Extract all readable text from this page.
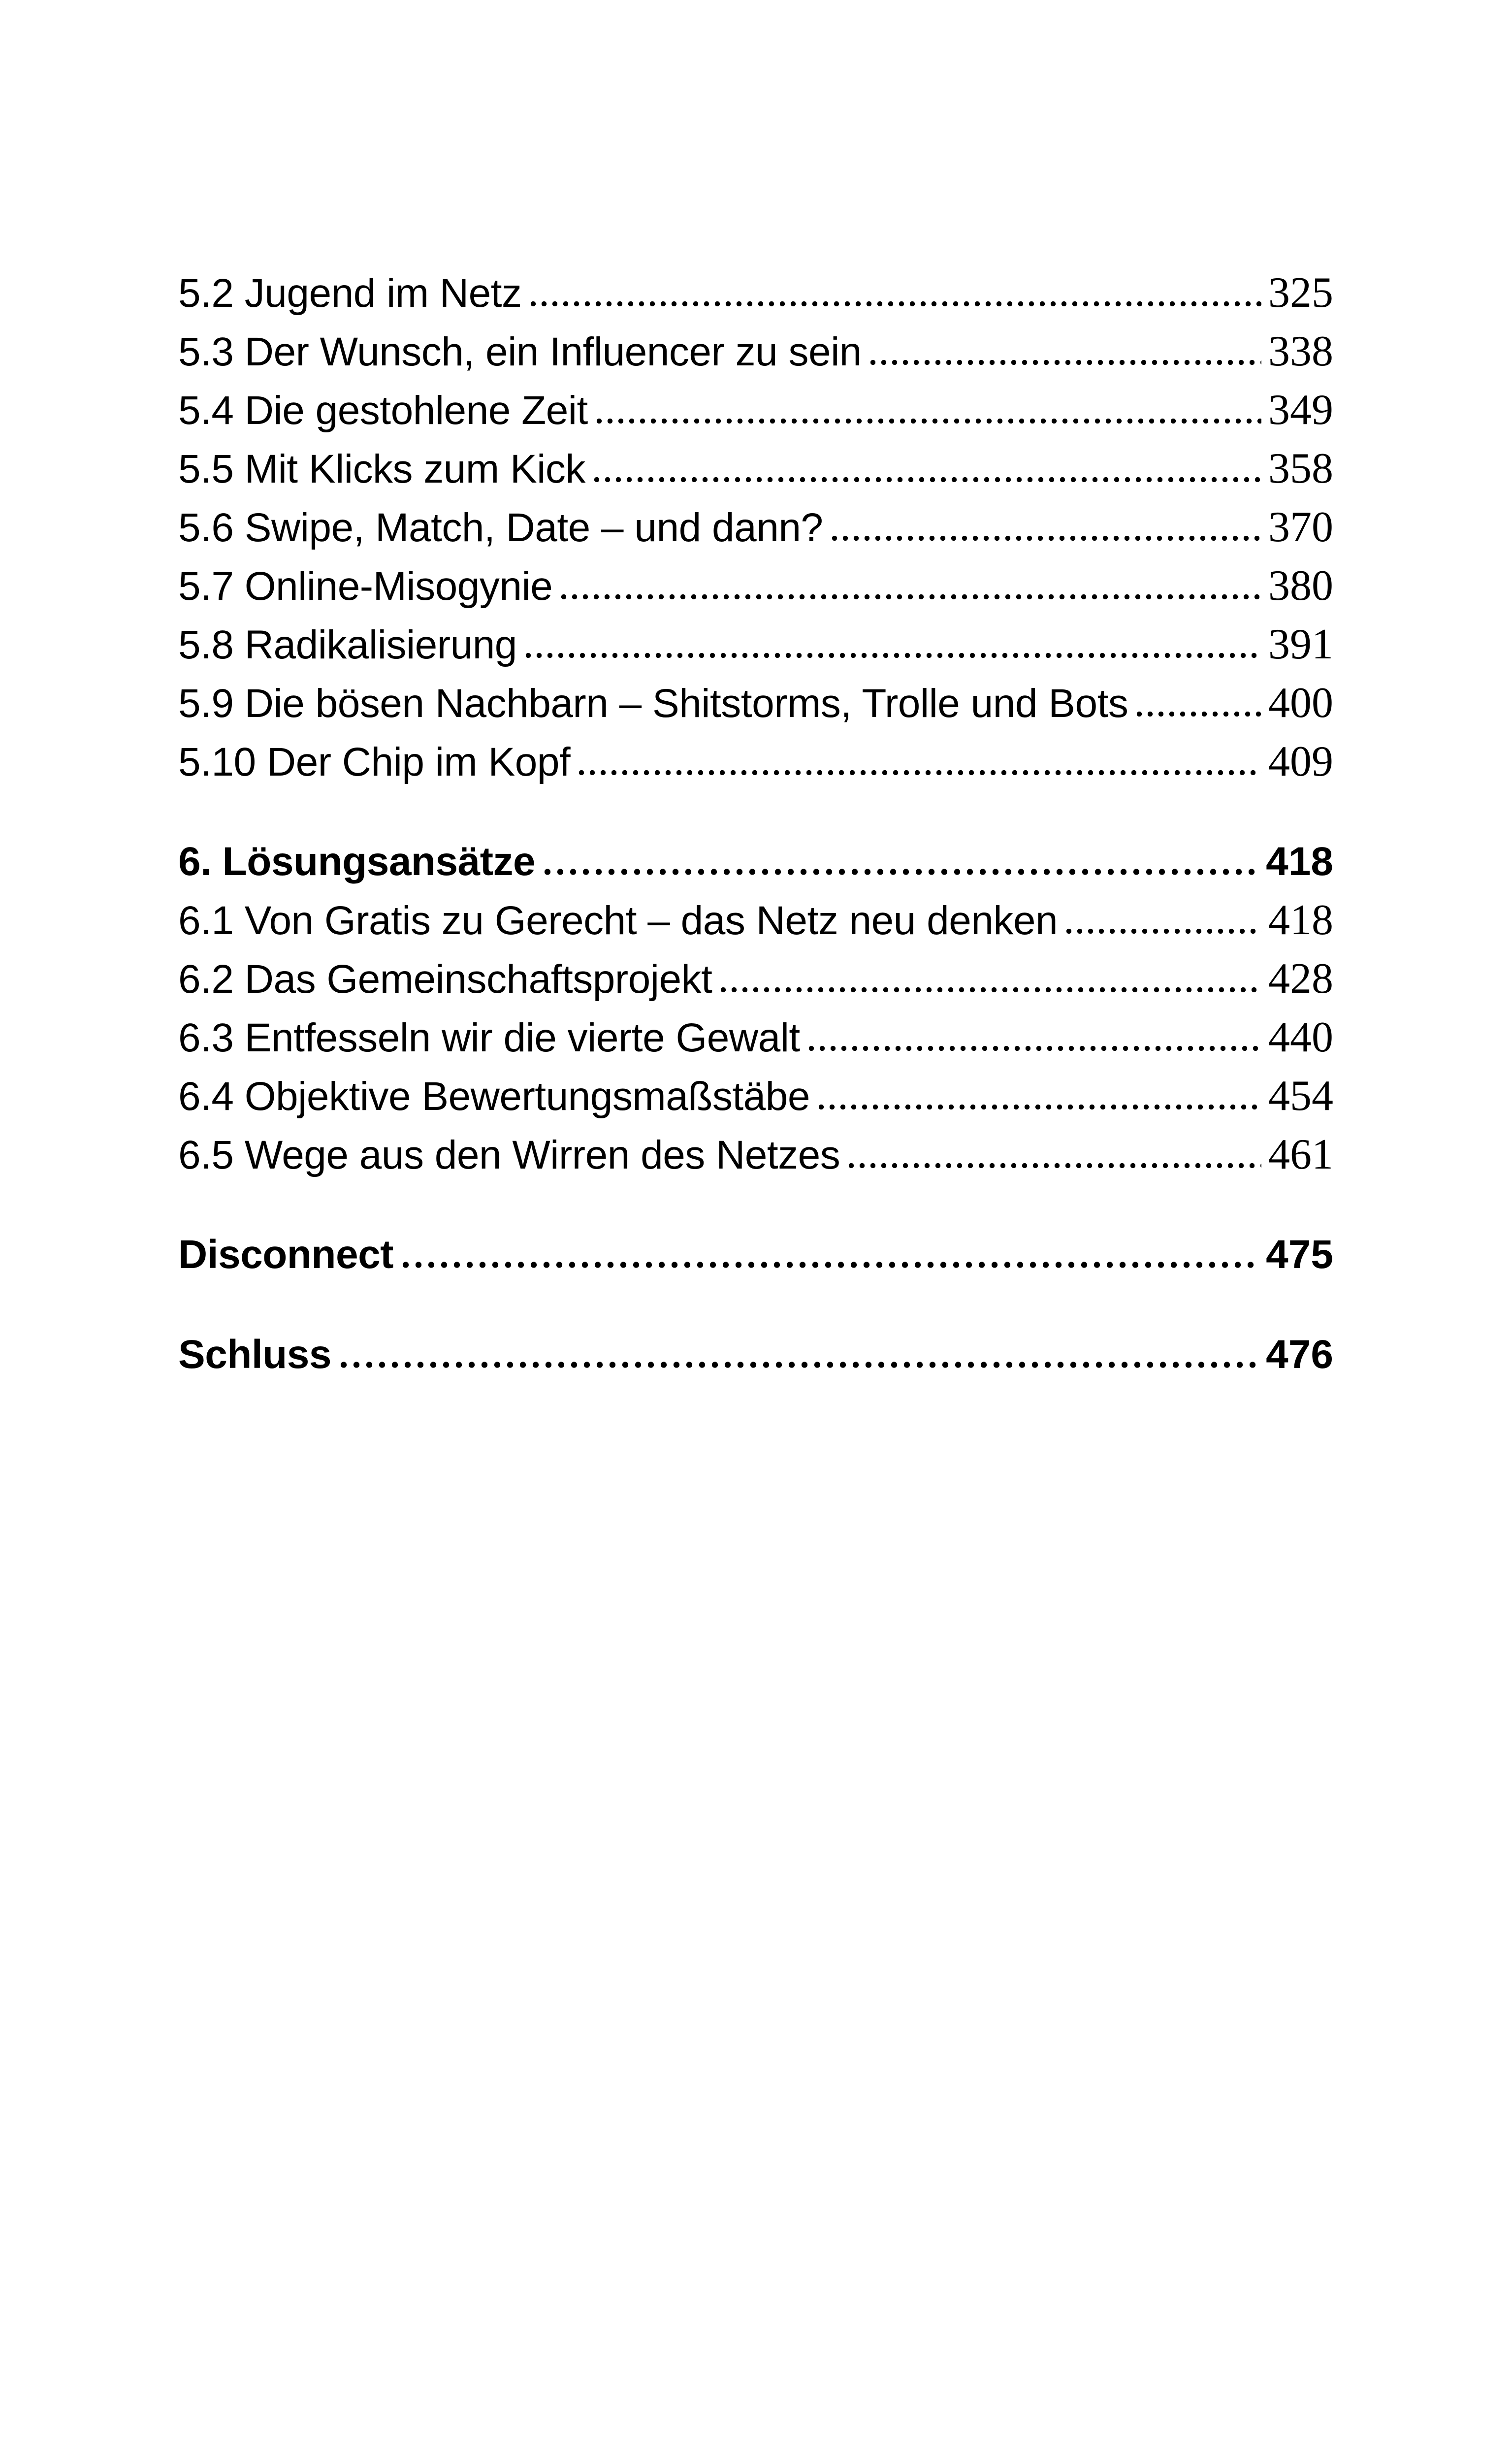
5.2 Jugend im Netz	325
5.3 Der Wunsch, ein Influencer zu sein	338
5.4 Die gestohlene Zeit	349
5.5 Mit Klicks zum Kick	358
5.6 Swipe, Match, Date – und dann?	370
5.7 Online-Misogynie	380
5.8 Radikalisierung	391
5.9 Die bösen Nachbarn – Shitstorms, Trolle und Bots	400
5.10 Der Chip im Kopf	409
6. Lösungsansätze	418
6.1 Von Gratis zu Gerecht – das Netz neu denken	418
6.2 Das Gemeinschaftsprojekt	428
6.3 Entfesseln wir die vierte Gewalt	440
6.4 Objektive Bewertungsmaßstäbe	454
6.5 Wege aus den Wirren des Netzes	461
Disconnect	475
Schluss	476
